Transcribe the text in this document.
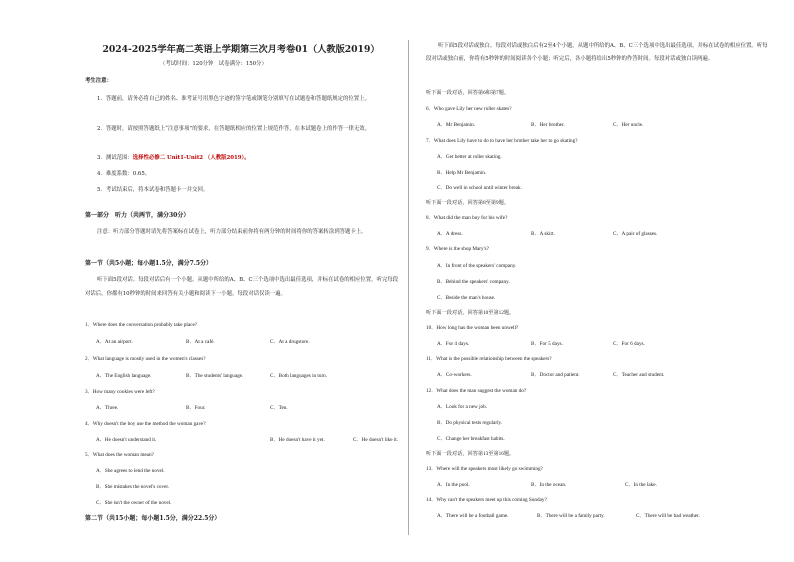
2024-2025学年高二英语上学期第三次月考卷01（人教版2019）
（考试时间：120分钟　试卷满分：150分）
考生注意：
1．答题前，请务必将自己的姓名、准考证号用黑色字迹的签字笔或钢笔分别填写在试题卷和答题纸规定的位置上。
2．答题时，请按照答题纸上“注意事项”的要求，在答题纸相应的位置上规范作答，在本试题卷上的作答一律无效。
3．测试范围：选择性必修二 Unit1-Unit2 （人教版2019）。
4．难度系数：0.65。
5．考试结束后，将本试卷和答题卡一并交回。
第一部分　听力（共两节，满分30分）
注意：听力部分答题时请先将答案标在试卷上，听力部分结束前你将有两分钟的时间将你的答案转涂到答题卡上。
第一节（共5小题；每小题1.5分，满分7.5分）
听下面5段对话。每段对话后有一个小题，从题中所给的A、B、C三个选项中选出最佳选项，并标在试卷的相应位置。听完每段对话后，你都有10秒钟的时间来回答有关小题和阅读下一小题。每段对话仅读一遍。
1．Where does the conversation probably take place?
A．At an airport.	B．At a café.	C．At a drugstore.
2．What language is mostly used in the women's classes?
A．The English language.	B．The students' language.	C．Both languages in turn.
3．How many cookies were left?
A．Three.	B．Four.	C．Ten.
4．Why doesn't the boy use the method the woman gave?
A．He doesn't understand it.	B．He doesn't have it yet.	C．He doesn't like it.
5．What does the woman mean?
A．She agrees to lend the novel.
B．She mistakes the novel's cover.
C．She isn't the owner of the novel.
第二节（共15小题；每小题1.5分，满分22.5分）
听下面5段对话或独白。每段对话或独白后有2至4个小题，从题中所给的A、B、C三个选项中选出最佳选项，并标在试卷的相应位置。听每段对话或独白前，你将有5秒钟的时间阅读各个小题；听完后，各小题将给出5秒钟的作答时间。每段对话或独白读两遍。
听下面一段对话，回答第6和第7题。
6．Who gave Lily her new roller skates?
A．Mr Benjamin.	B．Her brother.	C．Her uncle.
7．What does Lily have to do to have her brother take her to go skating?
A．Get better at roller skating.
B．Help Mr Benjamin.
C．Do well in school until winter break.
听下面一段对话，回答第8至第9题。
8．What did the man buy for his wife?
A．A dress.	B．A skirt.	C．A pair of glasses.
9．Where is the shop Mary's?
A．In front of the speakers' company.
B．Behind the speakers' company.
C．Beside the man's house.
听下面一段对话，回答第10至第12题。
10．How long has the woman been unwell?
A．For 4 days.	B．For 5 days.	C．For 6 days.
11．What is the possible relationship between the speakers?
A．Co-workers.	B．Doctor and patient.	C．Teacher and student.
12．What does the man suggest the woman do?
A．Look for a new job.
B．Do physical tests regularly.
C．Change her breakfast habits.
听下面一段对话，回答第13至第16题。
13．Where will the speakers most likely go swimming?
A．In the pool.	B．In the ocean.	C．In the lake.
14．Why can't the speakers meet up this coming Sunday?
A．There will be a football game.	B．There will be a family party.	C．There will be bad weather.
